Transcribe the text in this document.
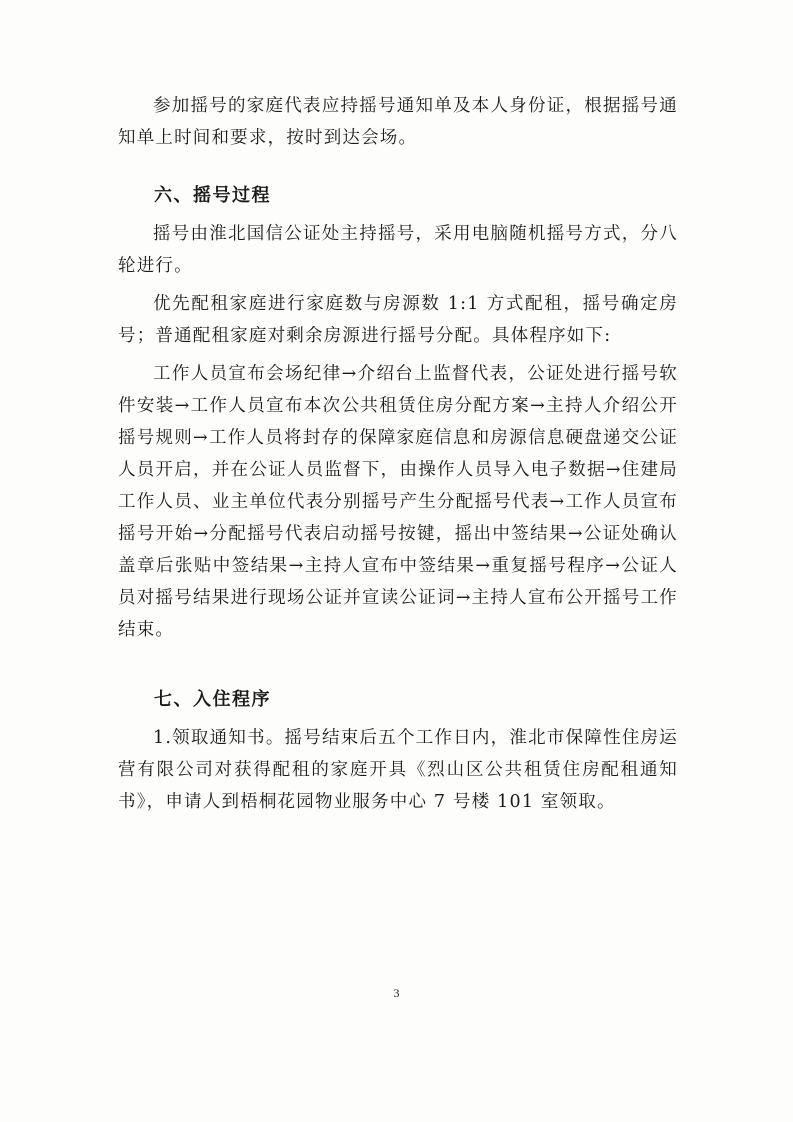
参加摇号的家庭代表应持摇号通知单及本人身份证，根据摇号通知单上时间和要求，按时到达会场。

六、摇号过程

摇号由淮北国信公证处主持摇号，采用电脑随机摇号方式，分八轮进行。

优先配租家庭进行家庭数与房源数 1:1 方式配租，摇号确定房号；普通配租家庭对剩余房源进行摇号分配。具体程序如下:

工作人员宣布会场纪律→介绍台上监督代表，公证处进行摇号软件安装→工作人员宣布本次公共租赁住房分配方案→主持人介绍公开摇号规则→工作人员将封存的保障家庭信息和房源信息硬盘递交公证人员开启，并在公证人员监督下，由操作人员导入电子数据→住建局工作人员、业主单位代表分别摇号产生分配摇号代表→工作人员宣布摇号开始→分配摇号代表启动摇号按键，摇出中签结果→公证处确认盖章后张贴中签结果→主持人宣布中签结果→重复摇号程序→公证人员对摇号结果进行现场公证并宣读公证词→主持人宣布公开摇号工作结束。

七、入住程序

1.领取通知书。摇号结束后五个工作日内，淮北市保障性住房运营有限公司对获得配租的家庭开具《烈山区公共租赁住房配租通知书》，申请人到梧桐花园物业服务中心 7 号楼 101 室领取。

3
